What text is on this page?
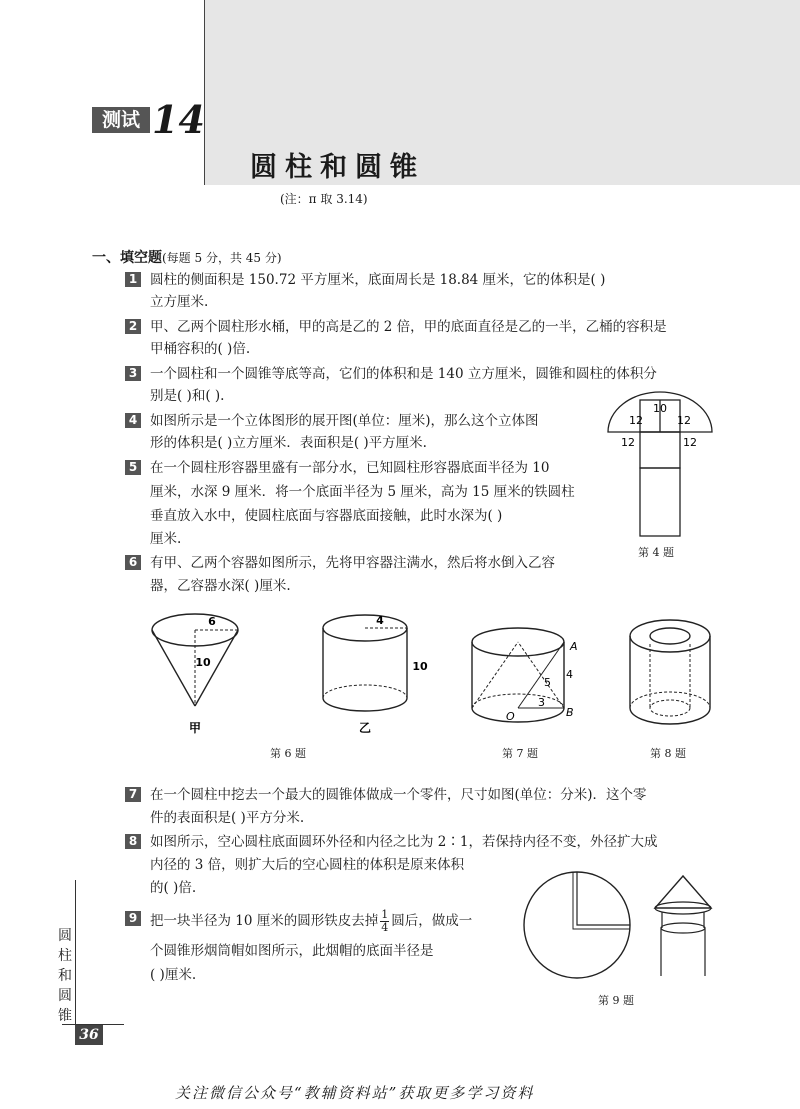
测试 14
圆柱和圆锥
(注：π 取 3.14)
一、填空题(每题 5 分，共 45 分)
1 圆柱的侧面积是 150.72 平方厘米，底面周长是 18.84 厘米，它的体积是( )
立方厘米.
2 甲、乙两个圆柱形水桶，甲的高是乙的 2 倍，甲的底面直径是乙的一半，乙桶的容积是
甲桶容积的( )倍.
3 一个圆柱和一个圆锥等底等高，它们的体积和是 140 立方厘米，圆锥和圆柱的体积分
别是( )和( ).
4 如图所示是一个立体图形的展开图(单位：厘米)，那么这个立体图
形的体积是( )立方厘米．表面积是( )平方厘米.
5 在一个圆柱形容器里盛有一部分水，已知圆柱形容器底面半径为 10
厘米，水深 9 厘米．将一个底面半径为 5 厘米，高为 15 厘米的铁圆柱
垂直放入水中，使圆柱底面与容器底面接触，此时水深为( )
厘米.
6 有甲、乙两个容器如图所示，先将甲容器注满水，然后将水倒入乙容
器，乙容器水深( )厘米.
10
12	12
12	12
第 4 题
6
10
甲
4
10
乙
第 6 题
A
4
5
O
3
B
第 7 题	第 8 题
7 在一个圆柱中挖去一个最大的圆锥体做成一个零件，尺寸如图(单位：分米)．这个零
件的表面积是( )平方分米.
8 如图所示，空心圆柱底面圆环外径和内径之比为 2∶1，若保持内径不变，外径扩大成
内径的 3 倍，则扩大后的空心圆柱的体积是原来体积
的( )倍.
9 把一块半径为 10 厘米的圆形铁皮去掉 $\frac{1}{4}$ 圆后，做成一
个圆锥形烟筒帽如图所示，此烟帽的底面半径是
( )厘米.
第 9 题
圆
柱
和
圆
锥
36
关注微信公众号“教辅资料站”获取更多学习资料
